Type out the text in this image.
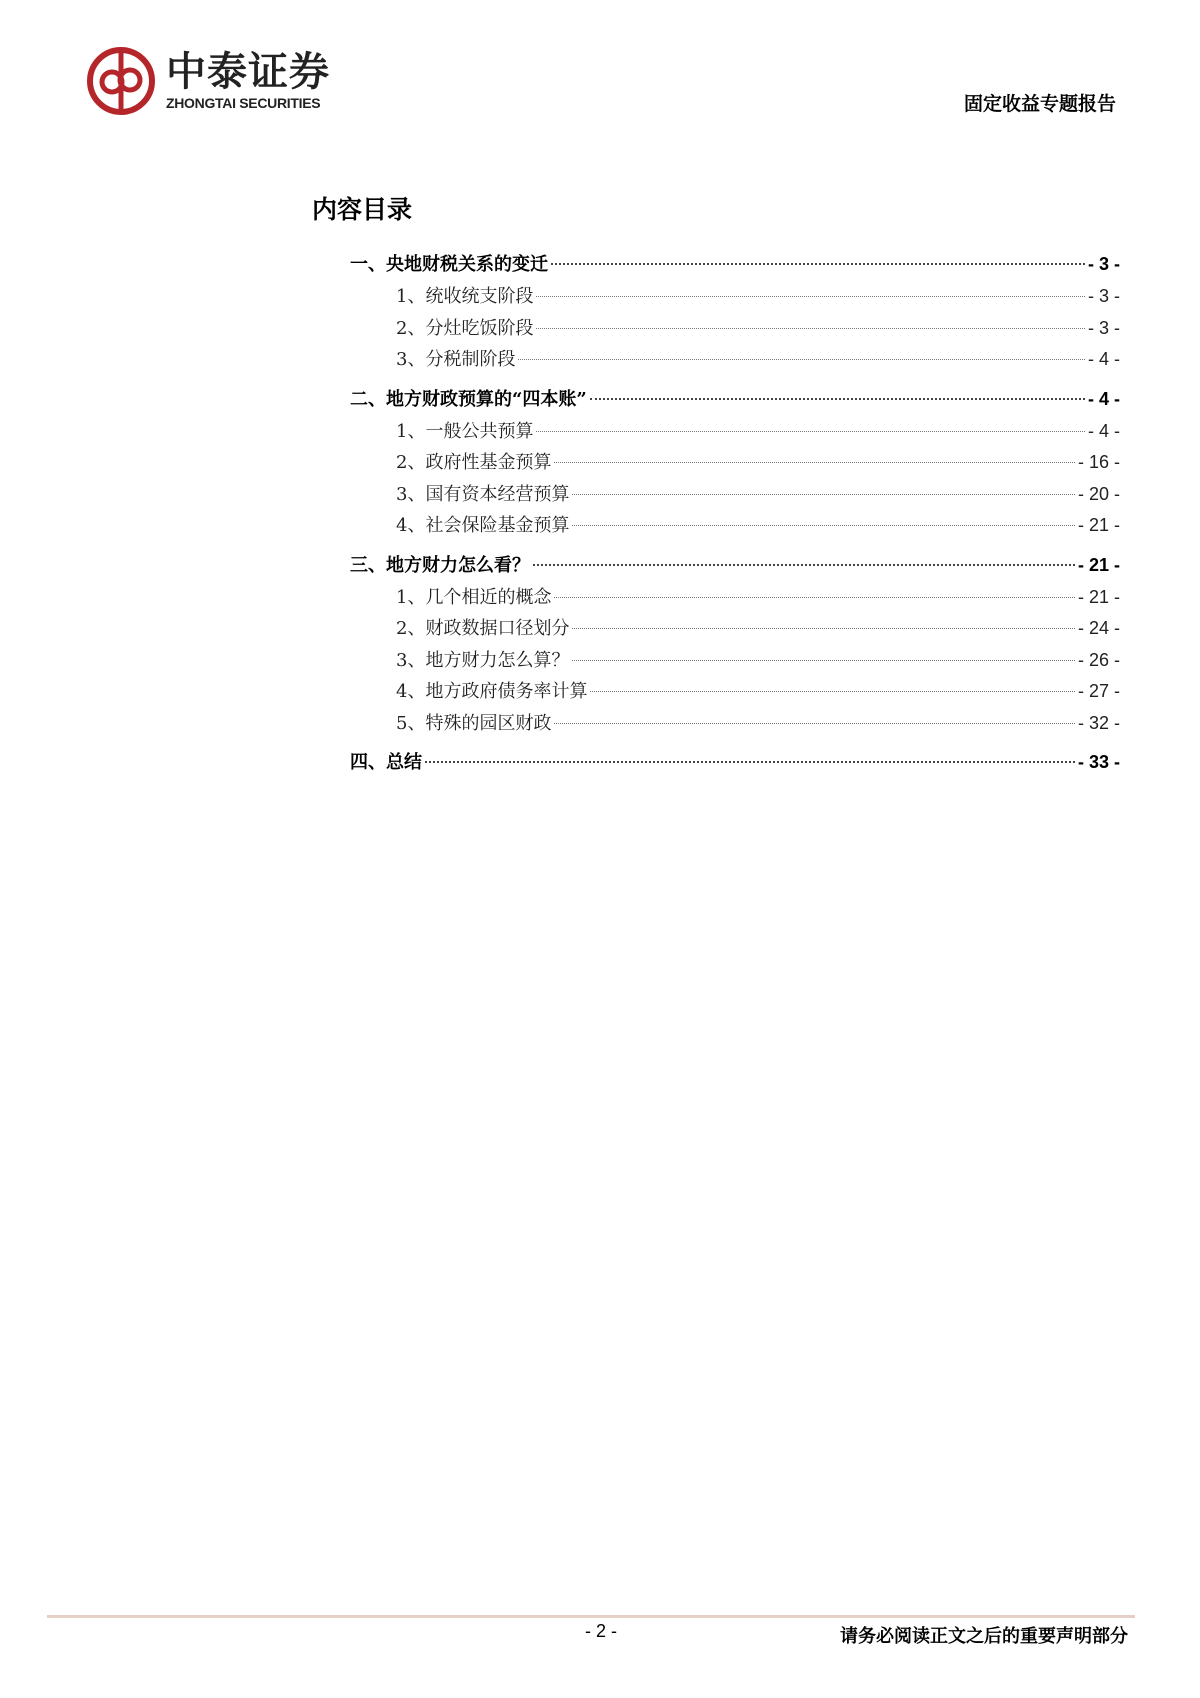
中泰证券
ZHONGTAI SECURITIES	固定收益专题报告
内容目录
一、央地财税关系的变迁	- 3 -
1、统收统支阶段	- 3 -
2、分灶吃饭阶段	- 3 -
3、分税制阶段	- 4 -
二、地方财政预算的“四本账”	- 4 -
1、一般公共预算	- 4 -
2、政府性基金预算	- 16 -
3、国有资本经营预算	- 20 -
4、社会保险基金预算	- 21 -
三、地方财力怎么看？	- 21 -
1、几个相近的概念	- 21 -
2、财政数据口径划分	- 24 -
3、地方财力怎么算？	- 26 -
4、地方政府债务率计算	- 27 -
5、特殊的园区财政	- 32 -
四、总结	- 33 -
- 2 -	请务必阅读正文之后的重要声明部分
